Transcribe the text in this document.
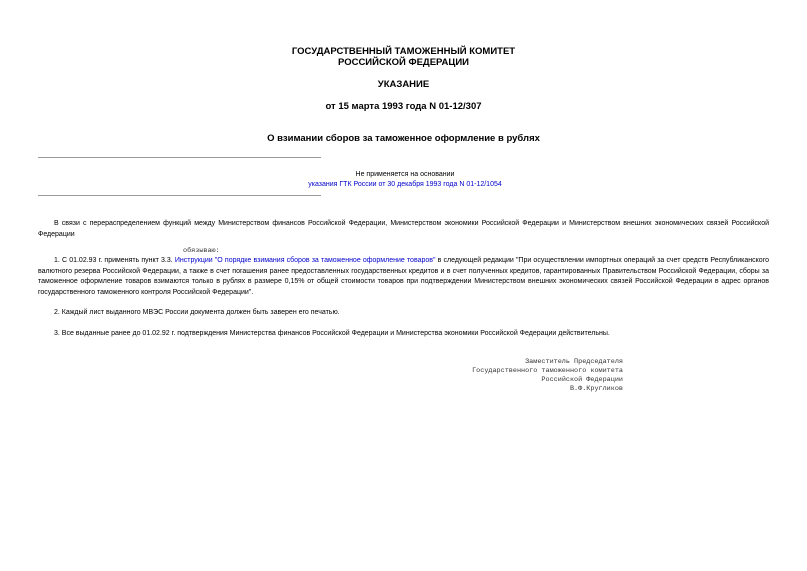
ГОСУДАРСТВЕННЫЙ ТАМОЖЕННЫЙ КОМИТЕТ
РОССИЙСКОЙ ФЕДЕРАЦИИ
УКАЗАНИЕ
от 15 марта 1993 года N 01-12/307
О взимании сборов за таможенное оформление в рублях
Не применяется на основании
указания ГТК России от 30 декабря 1993 года N 01-12/1054
В связи с перераспределением функций между Министерством финансов Российской Федерации, Министерством экономики Российской Федерации и Министерством внешних экономических связей Российской Федерации
обязываю:
1. С 01.02.93 г. применять пункт 3.3. Инструкции "О порядке взимания сборов за таможенное оформление товаров" в следующей редакции "При осуществлении импортных операций за счет средств Республиканского валютного резерва Российской Федерации, а также в счет погашения ранее предоставленных государственных кредитов и в счет полученных кредитов, гарантированных Правительством Российской Федерации, сборы за таможенное оформление товаров взимаются только в рублях в размере 0,15% от общей стоимости товаров при подтверждении Министерством внешних экономических связей Российской Федерации в адрес органов государственного таможенного контроля Российской Федерации".
2. Каждый лист выданного МВЭС России документа должен быть заверен его печатью.
3. Все выданные ранее до 01.02.92 г. подтверждения Министерства финансов Российской Федерации и Министерства экономики Российской Федерации действительны.
Заместитель Председателя
Государственного таможенного комитета
Российской Федерации
В.Ф.Кругликов
